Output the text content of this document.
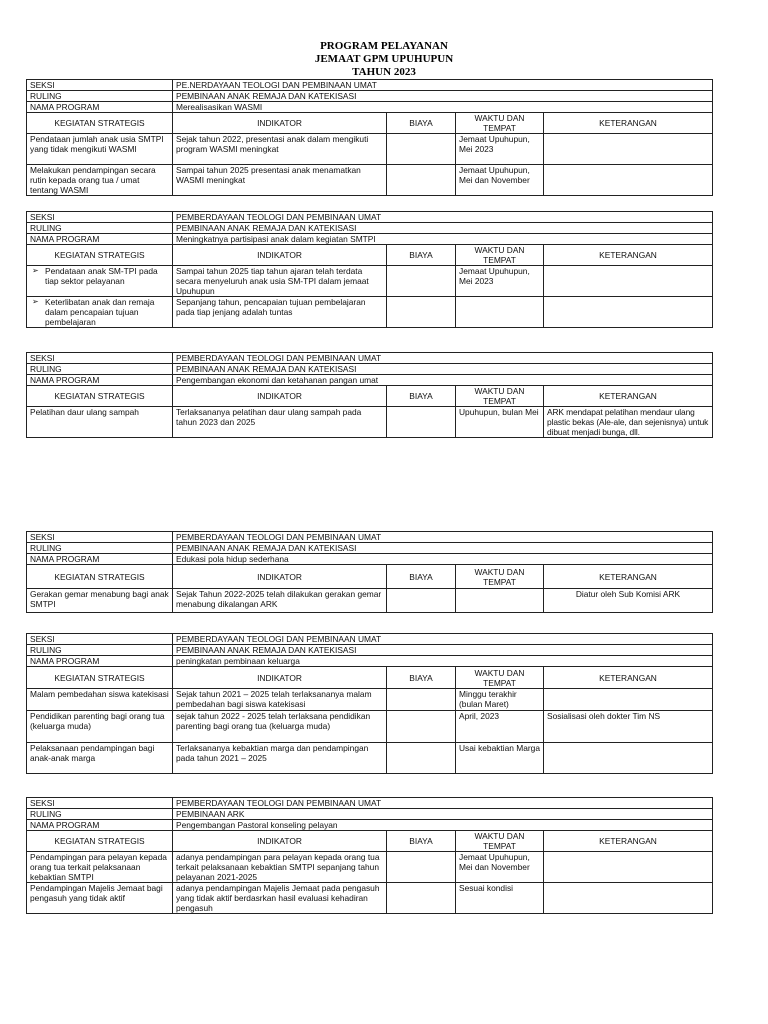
PROGRAM PELAYANAN
JEMAAT GPM UPUHUPUN
TAHUN 2023
SEKSI	PE.NERDAYAAN TEOLOGI DAN PEMBINAAN UMAT			
RULING	PEMBINAAN ANAK REMAJA DAN KATEKISASI			
NAMA PROGRAM	Merealisasikan WASMI			
KEGIATAN STRATEGIS	INDIKATOR	BIAYA	WAKTU DAN TEMPAT	KETERANGAN
Pendataan jumlah anak usia SMTPI yang tidak mengikuti WASMI	Sejak tahun 2022, presentasi anak dalam mengikuti program WASMI meningkat		Jemaat Upuhupun, Mei 2023	
Melakukan pendampingan secara rutin kepada orang tua / umat tentang WASMI	Sampai tahun 2025 presentasi anak menamatkan WASMI meningkat		Jemaat Upuhupun, Mei dan November	
SEKSI	PEMBERDAYAAN TEOLOGI DAN PEMBINAAN UMAT			
RULING	PEMBINAAN ANAK REMAJA DAN KATEKISASI			
NAMA PROGRAM	Meningkatnya partisipasi anak dalam kegiatan SMTPI			
KEGIATAN STRATEGIS	INDIKATOR	BIAYA	WAKTU DAN TEMPAT	KETERANGAN

➢ Pendataan anak SM-TPI pada tiap sektor pelayanan	Sampai tahun 2025 tiap tahun ajaran telah terdata secara menyeluruh anak usia SM-TPI dalam jemaat Upuhupun		Jemaat Upuhupun, Mei 2023	

➢ Keterlibatan anak dan remaja dalam pencapaian tujuan pembelajaran	Sepanjang tahun, pencapaian tujuan pembelajaran pada tiap jenjang adalah tuntas			
SEKSI	PEMBERDAYAAN TEOLOGI DAN PEMBINAAN UMAT			
RULING	PEMBINAAN ANAK REMAJA DAN KATEKISASI			
NAMA PROGRAM	Pengembangan ekonomi dan ketahanan pangan umat			
KEGIATAN STRATEGIS	INDIKATOR	BIAYA	WAKTU DAN TEMPAT	KETERANGAN
Pelatihan daur ulang sampah	Terlaksananya pelatihan daur ulang sampah pada tahun 2023 dan 2025		Upuhupun, bulan Mei	ARK mendapat pelatihan mendaur ulang plastic bekas (Ale-ale, dan sejenisnya) untuk dibuat menjadi bunga, dll.
SEKSI	PEMBERDAYAAN TEOLOGI DAN PEMBINAAN UMAT			
RULING	PEMBINAAN ANAK REMAJA DAN KATEKISASI			
NAMA PROGRAM	Edukasi pola hidup sederhana			
KEGIATAN STRATEGIS	INDIKATOR	BIAYA	WAKTU DAN TEMPAT	KETERANGAN
Gerakan gemar menabung bagi anak SMTPI	Sejak Tahun 2022-2025 telah dilakukan gerakan gemar menabung dikalangan ARK			Diatur oleh Sub Komisi ARK
SEKSI	PEMBERDAYAAN TEOLOGI DAN PEMBINAAN UMAT			
RULING	PEMBINAAN ANAK REMAJA DAN KATEKISASI			
NAMA PROGRAM	peningkatan pembinaan keluarga			
KEGIATAN STRATEGIS	INDIKATOR	BIAYA	WAKTU DAN TEMPAT	KETERANGAN
Malam pembedahan siswa katekisasi	Sejak tahun 2021 – 2025 telah terlaksananya malam pembedahan bagi siswa katekisasi		Minggu terakhir (bulan Maret)	
Pendidikan parenting bagi orang tua (keluarga muda)	sejak tahun 2022 - 2025 telah terlaksana pendidikan parenting bagi orang tua (keluarga muda)		April, 2023	Sosialisasi oleh dokter Tim NS
Pelaksanaan pendampingan bagi anak-anak marga	Terlaksananya kebaktian marga dan pendampingan pada tahun 2021 – 2025		Usai kebaktian Marga	
SEKSI	PEMBERDAYAAN TEOLOGI DAN PEMBINAAN UMAT			
RULING	PEMBINAAN ARK			
NAMA PROGRAM	Pengembangan Pastoral konseling pelayan			
KEGIATAN STRATEGIS	INDIKATOR	BIAYA	WAKTU DAN TEMPAT	KETERANGAN
Pendampingan para pelayan kepada orang tua terkait pelaksanaan kebaktian SMTPI	adanya pendampingan para pelayan kepada orang tua terkait pelaksanaan kebaktian SMTPI sepanjang tahun pelayanan 2021-2025		Jemaat Upuhupun, Mei dan November	
Pendampingan Majelis Jemaat bagi pengasuh yang tidak aktif	adanya pendampingan Majelis Jemaat pada pengasuh yang tidak aktif berdasrkan hasil evaluasi kehadiran pengasuh		Sesuai kondisi	
